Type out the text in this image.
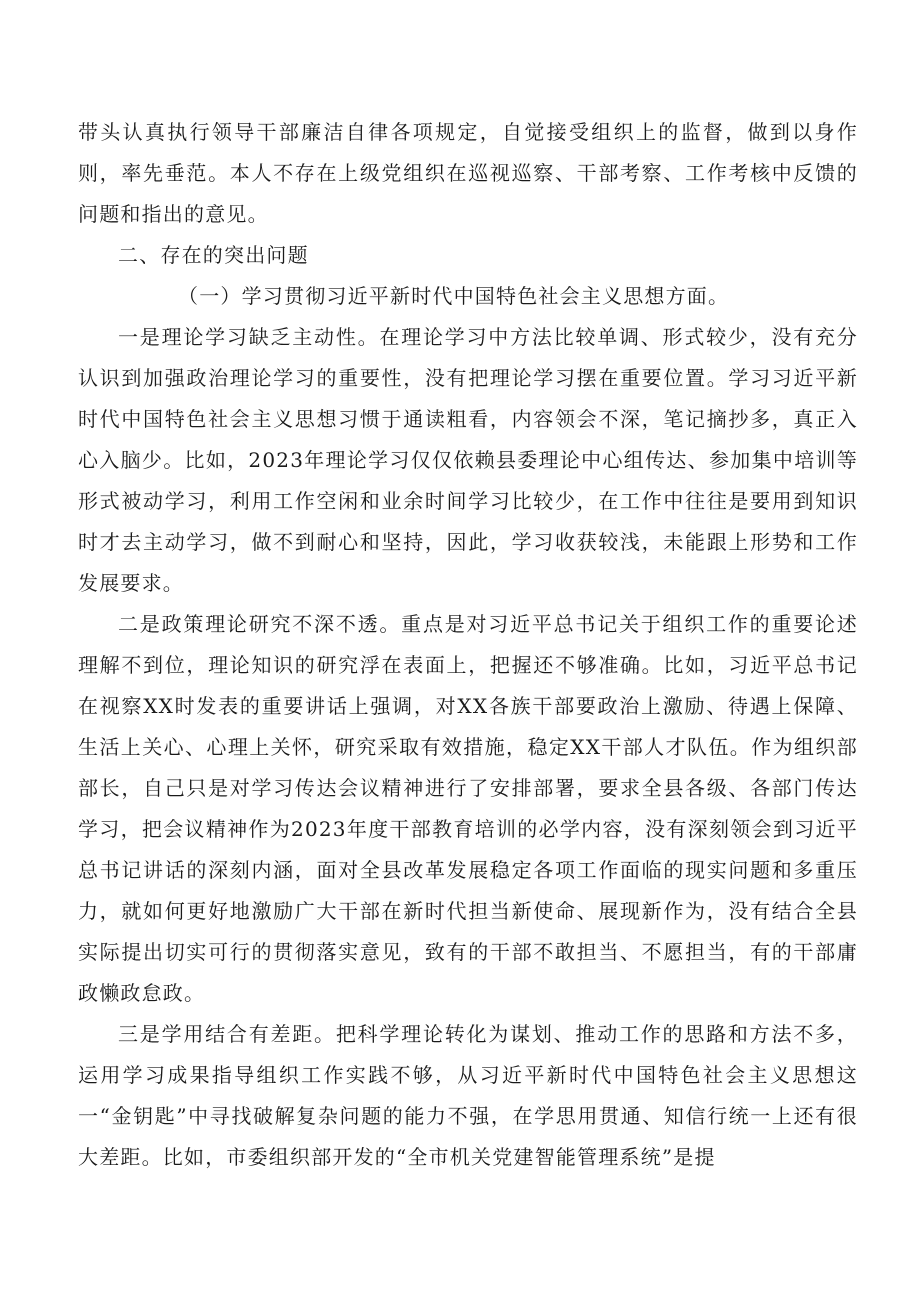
带头认真执行领导干部廉洁自律各项规定，自觉接受组织上的监督，做到以身作则，率先垂范。本人不存在上级党组织在巡视巡察、干部考察、工作考核中反馈的问题和指出的意见。

二、存在的突出问题

（一）学习贯彻习近平新时代中国特色社会主义思想方面。

一是理论学习缺乏主动性。在理论学习中方法比较单调、形式较少，没有充分认识到加强政治理论学习的重要性，没有把理论学习摆在重要位置。学习习近平新时代中国特色社会主义思想习惯于通读粗看，内容领会不深，笔记摘抄多，真正入心入脑少。比如，2023年理论学习仅仅依赖县委理论中心组传达、参加集中培训等形式被动学习，利用工作空闲和业余时间学习比较少，在工作中往往是要用到知识时才去主动学习，做不到耐心和坚持，因此，学习收获较浅，未能跟上形势和工作发展要求。

二是政策理论研究不深不透。重点是对习近平总书记关于组织工作的重要论述理解不到位，理论知识的研究浮在表面上，把握还不够准确。比如，习近平总书记在视察XX时发表的重要讲话上强调，对XX各族干部要政治上激励、待遇上保障、生活上关心、心理上关怀，研究采取有效措施，稳定XX干部人才队伍。作为组织部部长，自己只是对学习传达会议精神进行了安排部署，要求全县各级、各部门传达学习，把会议精神作为2023年度干部教育培训的必学内容，没有深刻领会到习近平总书记讲话的深刻内涵，面对全县改革发展稳定各项工作面临的现实问题和多重压力，就如何更好地激励广大干部在新时代担当新使命、展现新作为，没有结合全县实际提出切实可行的贯彻落实意见，致有的干部不敢担当、不愿担当，有的干部庸政懒政怠政。

三是学用结合有差距。把科学理论转化为谋划、推动工作的思路和方法不多，运用学习成果指导组织工作实践不够，从习近平新时代中国特色社会主义思想这一“金钥匙”中寻找破解复杂问题的能力不强，在学思用贯通、知信行统一上还有很大差距。比如，市委组织部开发的“全市机关党建智能管理系统”是提
